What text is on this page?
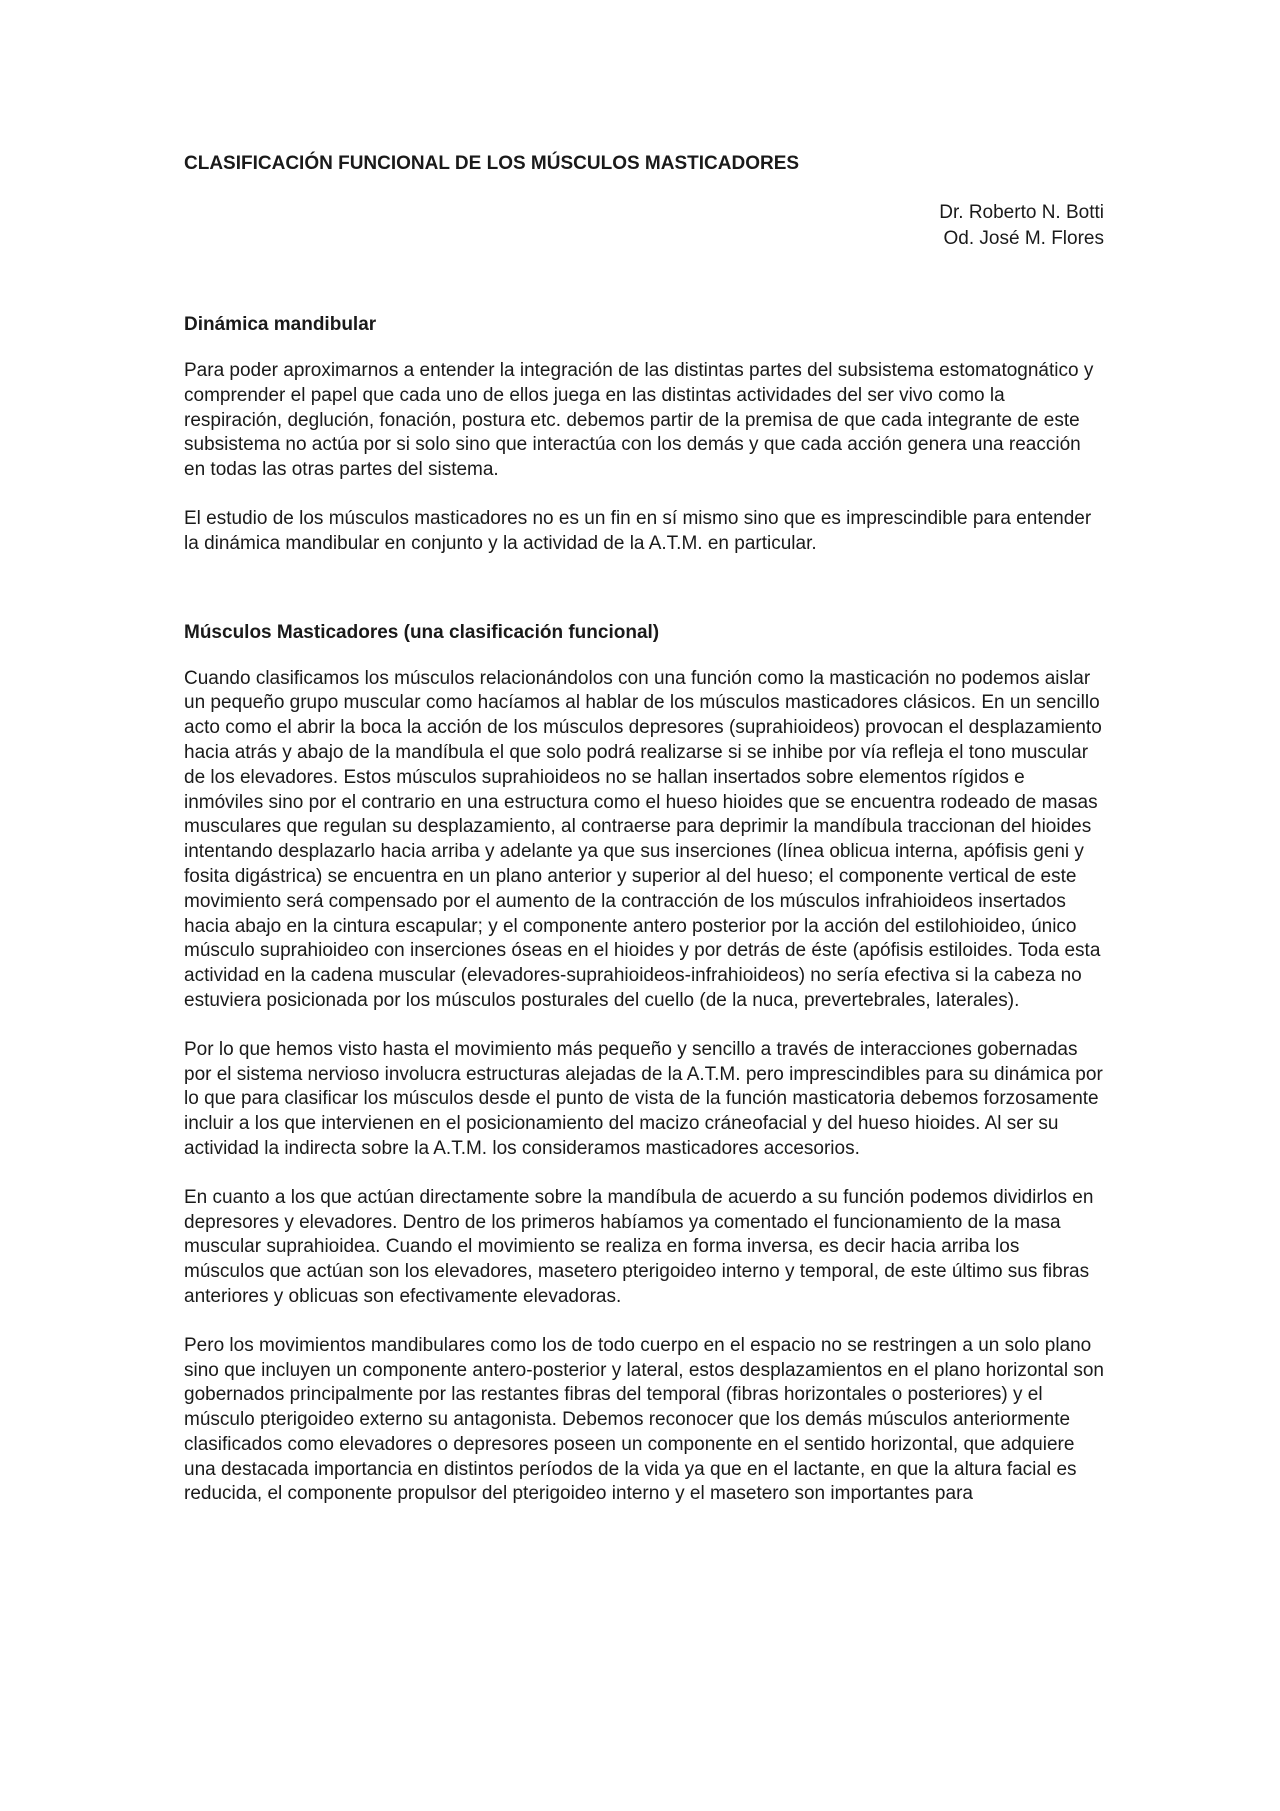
CLASIFICACIÓN FUNCIONAL DE LOS MÚSCULOS MASTICADORES
Dr. Roberto N. Botti
Od. José M. Flores
Dinámica mandibular

Para poder aproximarnos a entender la integración de las distintas partes del subsistema estomatognático y comprender el papel que cada uno de ellos juega en las distintas actividades del ser vivo como la respiración, deglución, fonación, postura etc. debemos partir de la premisa de que cada integrante de este subsistema no actúa por si solo sino que interactúa con los demás y que cada acción genera una reacción en todas las otras partes del sistema.

El estudio de los músculos masticadores no es un fin en sí mismo sino que es imprescindible para entender la dinámica mandibular en conjunto y la actividad de la A.T.M. en particular.

Músculos Masticadores (una clasificación funcional)

Cuando clasificamos los músculos relacionándolos con una función como la masticación no podemos aislar un pequeño grupo muscular como hacíamos al hablar de los músculos masticadores clásicos. En un sencillo acto como el abrir la boca la acción de los músculos depresores (suprahioideos) provocan el desplazamiento hacia atrás y abajo de la mandíbula el que solo podrá realizarse si se inhibe por vía refleja el tono muscular de los elevadores. Estos músculos suprahioideos no se hallan insertados sobre elementos rígidos e inmóviles sino por el contrario en una estructura como el hueso hioides que se encuentra rodeado de masas musculares que regulan su desplazamiento, al contraerse para deprimir la mandíbula traccionan del hioides intentando desplazarlo hacia arriba y adelante ya que sus inserciones (línea oblicua interna, apófisis geni y fosita digástrica) se encuentra en un plano anterior y superior al del hueso; el componente vertical de este movimiento será compensado por el aumento de la contracción de los músculos infrahioideos insertados hacia abajo en la cintura escapular; y el componente antero posterior por la acción del estilohioideo, único músculo suprahioideo con inserciones óseas en el hioides y por detrás de éste (apófisis estiloides. Toda esta actividad en la cadena muscular (elevadores-suprahioideos-infrahioideos) no sería efectiva si la cabeza no estuviera posicionada por los músculos posturales del cuello (de la nuca, prevertebrales, laterales).

Por lo que hemos visto hasta el movimiento más pequeño y sencillo a través de interacciones gobernadas por el sistema nervioso involucra estructuras alejadas de la A.T.M. pero imprescindibles para su dinámica por lo que para clasificar los músculos desde el punto de vista de la función masticatoria debemos forzosamente incluir a los que intervienen en el posicionamiento del macizo cráneofacial y del hueso hioides. Al ser su actividad la indirecta sobre la A.T.M. los consideramos masticadores accesorios.

En cuanto a los que actúan directamente sobre la mandíbula de acuerdo a su función podemos dividirlos en depresores y elevadores. Dentro de los primeros habíamos ya comentado el funcionamiento de la masa muscular suprahioidea. Cuando el movimiento se realiza en forma inversa, es decir hacia arriba los músculos que actúan son los elevadores, masetero pterigoideo interno y temporal, de este último sus fibras anteriores y oblicuas son efectivamente elevadoras.

Pero los movimientos mandibulares como los de todo cuerpo en el espacio no se restringen a un solo plano sino que incluyen un componente antero-posterior y lateral, estos desplazamientos en el plano horizontal son gobernados principalmente por las restantes fibras del temporal (fibras horizontales o posteriores) y el músculo pterigoideo externo su antagonista. Debemos reconocer que los demás músculos anteriormente clasificados como elevadores o depresores poseen un componente en el sentido horizontal, que adquiere una destacada importancia en distintos períodos de la vida ya que en el lactante, en que la altura facial es reducida, el componente propulsor del pterigoideo interno y el masetero son importantes para
